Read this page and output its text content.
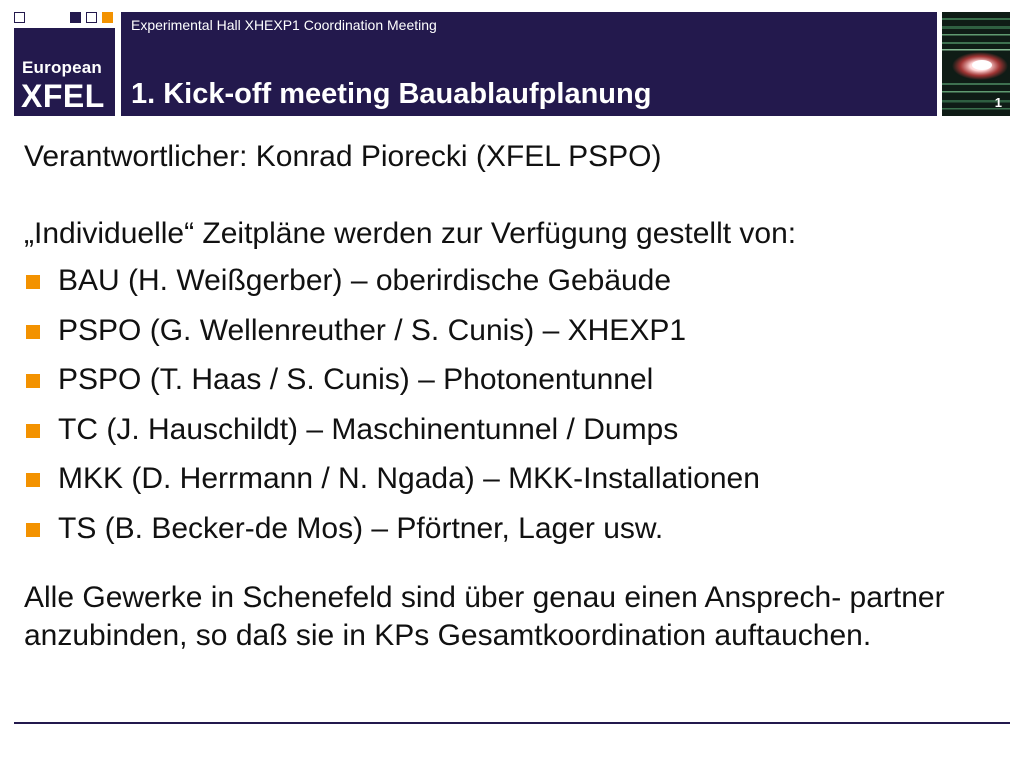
European
XFEL
Experimental Hall XHEXP1 Coordination Meeting
1. Kick-off meeting Bauablaufplanung	1

Verantwortlicher: Konrad Piorecki (XFEL PSPO)

„Individuelle“ Zeitpläne werden zur Verfügung gestellt von:

BAU (H. Weißgerber) – oberirdische Gebäude
PSPO (G. Wellenreuther / S. Cunis) – XHEXP1
PSPO (T. Haas / S. Cunis) – Photonentunnel
TC (J. Hauschildt) – Maschinentunnel / Dumps
MKK (D. Herrmann / N. Ngada) – MKK-Installationen
TS (B. Becker-de Mos) – Pförtner, Lager usw.

Alle Gewerke in Schenefeld sind über genau einen Ansprech- partner anzubinden, so daß sie in KPs Gesamtkoordination auftauchen.
